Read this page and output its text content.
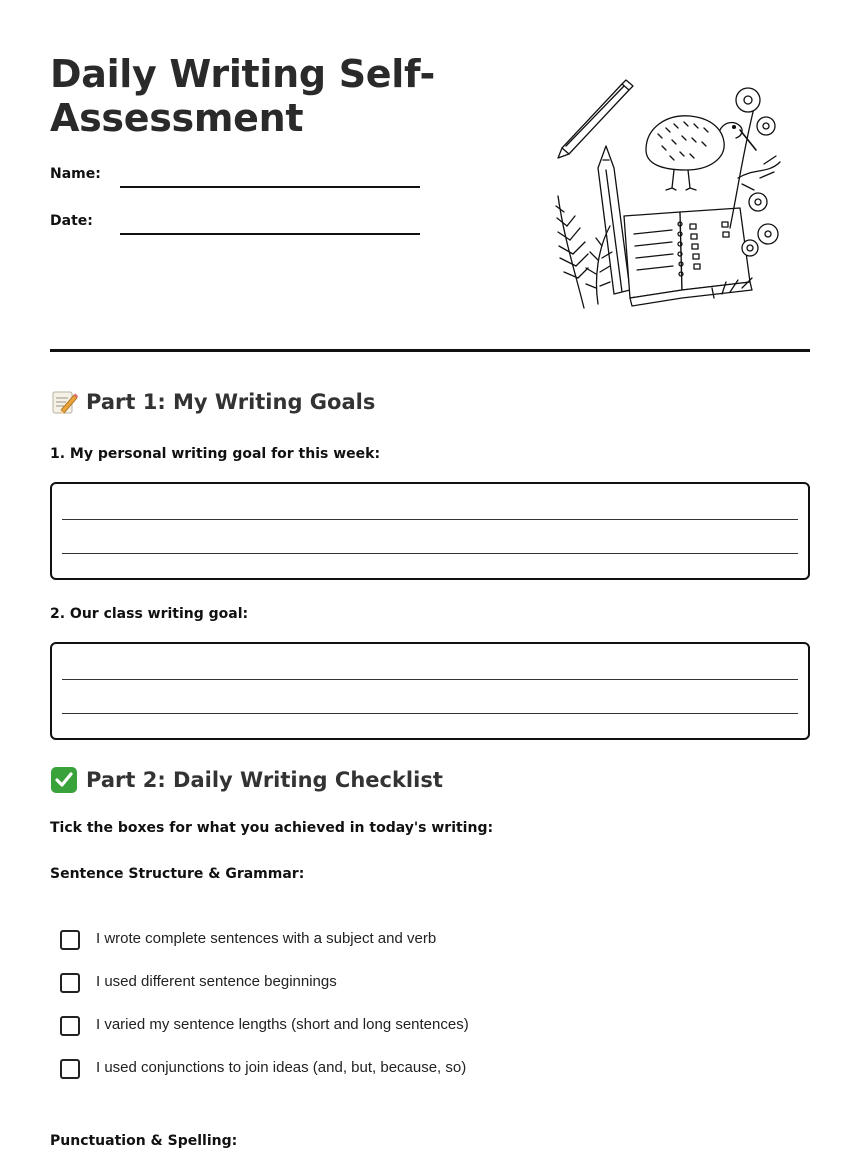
Daily Writing Self-Assessment
Name:
Date:
Part 1: My Writing Goals
1. My personal writing goal for this week:
2. Our class writing goal:
Part 2: Daily Writing Checklist
Tick the boxes for what you achieved in today's writing:
Sentence Structure & Grammar:
I wrote complete sentences with a subject and verb
I used different sentence beginnings
I varied my sentence lengths (short and long sentences)
I used conjunctions to join ideas (and, but, because, so)
Punctuation & Spelling:
